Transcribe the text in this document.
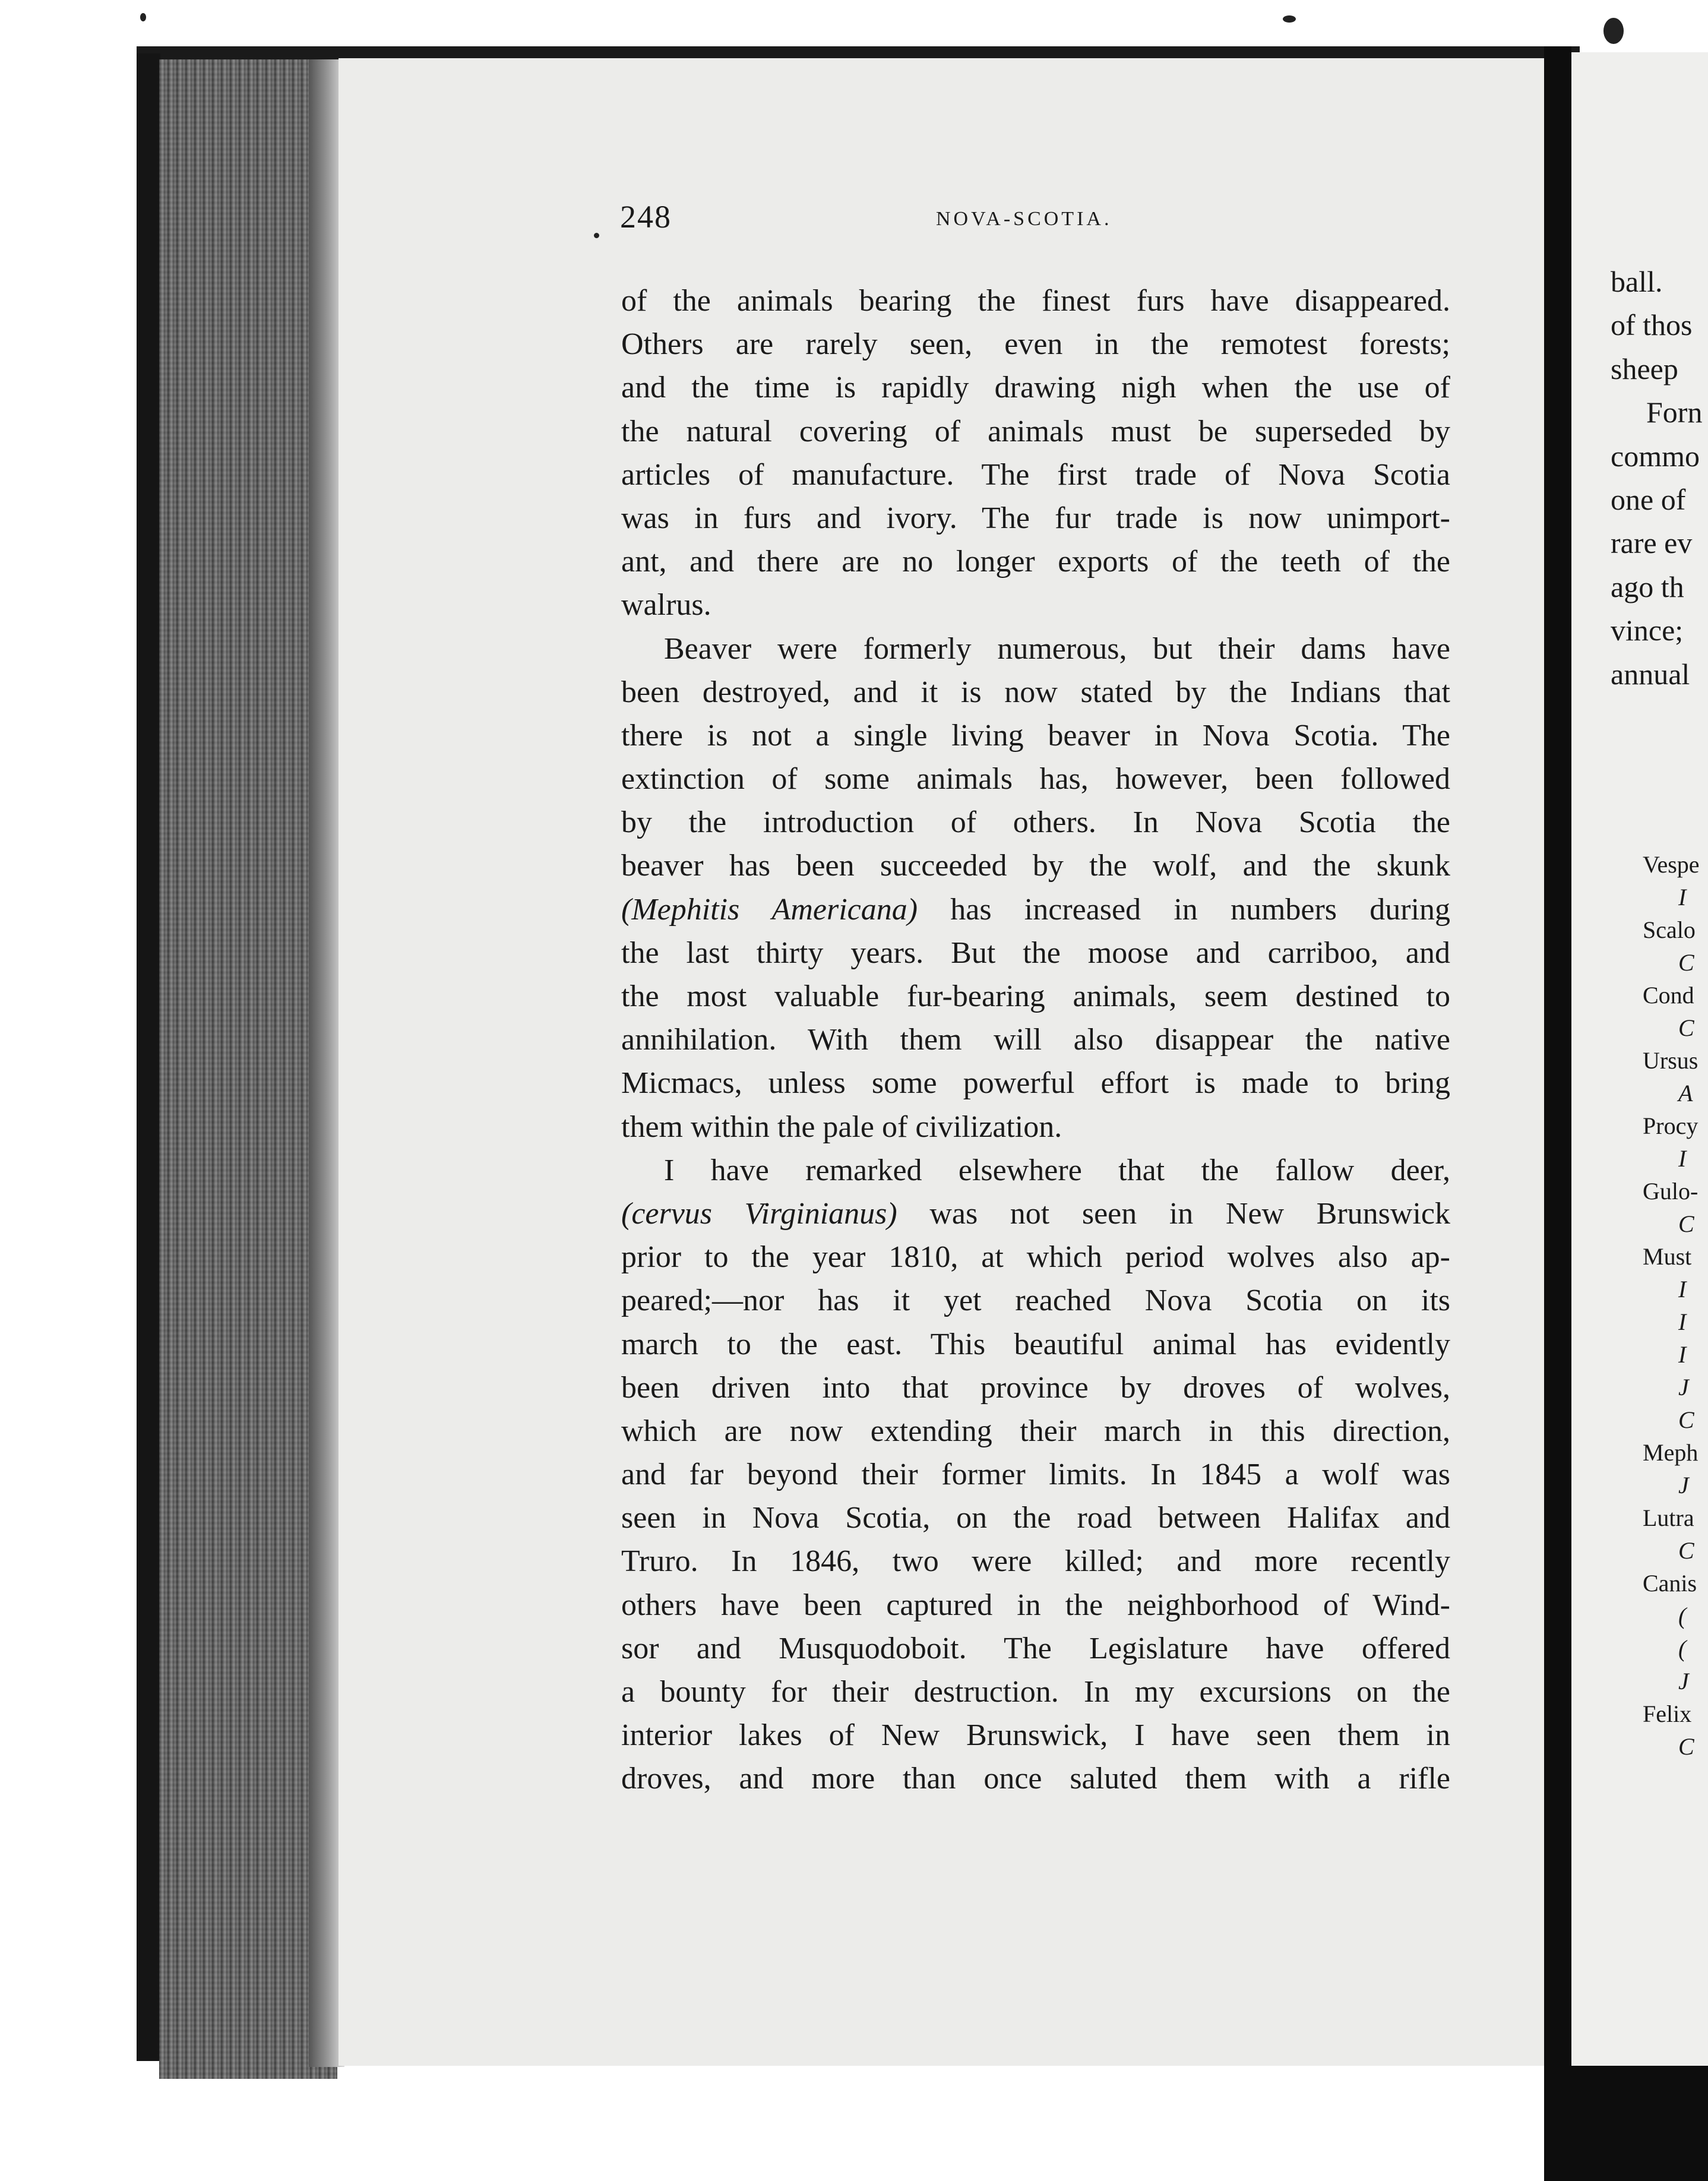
248	NOVA-SCOTIA.
of the animals bearing the finest furs have disappeared.
Others are rarely seen, even in the remotest forests;
and the time is rapidly drawing nigh when the use of
the natural covering of animals must be superseded by
articles of manufacture. The first trade of Nova Scotia
was in furs and ivory. The fur trade is now unimport-
ant, and there are no longer exports of the teeth of the
walrus.
Beaver were formerly numerous, but their dams have
been destroyed, and it is now stated by the Indians that
there is not a single living beaver in Nova Scotia. The
extinction of some animals has, however, been followed
by the introduction of others. In Nova Scotia the
beaver has been succeeded by the wolf, and the skunk
(Mephitis Americana) has increased in numbers during
the last thirty years. But the moose and carriboo, and
the most valuable fur-bearing animals, seem destined to
annihilation. With them will also disappear the native
Micmacs, unless some powerful effort is made to bring
them within the pale of civilization.
I have remarked elsewhere that the fallow deer,
(cervus Virginianus) was not seen in New Brunswick
prior to the year 1810, at which period wolves also ap-
peared;—nor has it yet reached Nova Scotia on its
march to the east. This beautiful animal has evidently
been driven into that province by droves of wolves,
which are now extending their march in this direction,
and far beyond their former limits. In 1845 a wolf was
seen in Nova Scotia, on the road between Halifax and
Truro. In 1846, two were killed; and more recently
others have been captured in the neighborhood of Wind-
sor and Musquodoboit. The Legislature have offered
a bounty for their destruction. In my excursions on the
interior lakes of New Brunswick, I have seen them in
droves, and more than once saluted them with a rifle
ball.
of thos
sheep
Forn
commo
one of
rare ev
ago th
vince;
annual
Vespe
I
Scalo
C
Cond
C
Ursus
A
Procy
I
Gulo-
C
Must
I
I
I
J
C
Meph
J
Lutra
C
Canis
(
(
J
Felix
C
